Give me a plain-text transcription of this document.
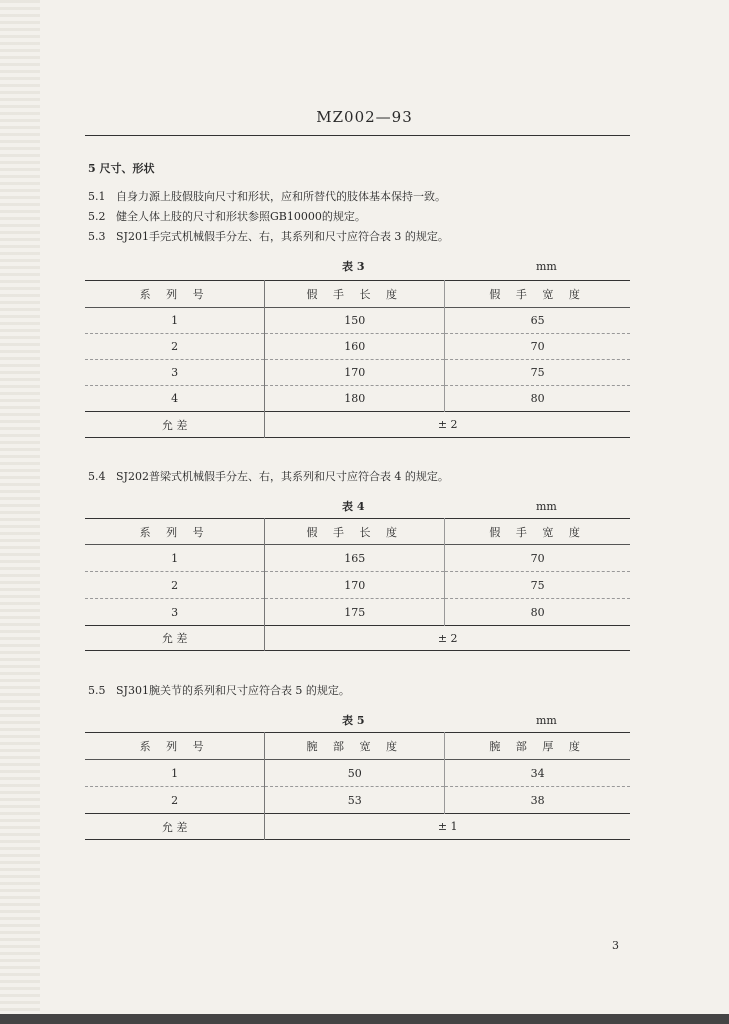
MZ002—93
5 尺寸、形状
5.1 自身力源上肢假肢向尺寸和形状，应和所替代的肢体基本保持一致。
5.2 健全人体上肢的尺寸和形状参照GB10000的规定。
5.3 SJ201手完式机械假手分左、右，其系列和尺寸应符合表 3 的规定。
表 3	mm
系 列 号	假 手 长 度	假 手 宽 度
1	150	65
2	160	70
3	170	75
4	180	80
允 差	± 2	
5.4 SJ202普梁式机械假手分左、右，其系列和尺寸应符合表 4 的规定。
表 4	mm
系 列 号	假 手 长 度	假 手 宽 度
1	165	70
2	170	75
3	175	80
允 差	± 2	
5.5 SJ301腕关节的系列和尺寸应符合表 5 的规定。
表 5	mm
系 列 号	腕 部 宽 度	腕 部 厚 度
1	50	34
2	53	38
允 差	± 1	
3
